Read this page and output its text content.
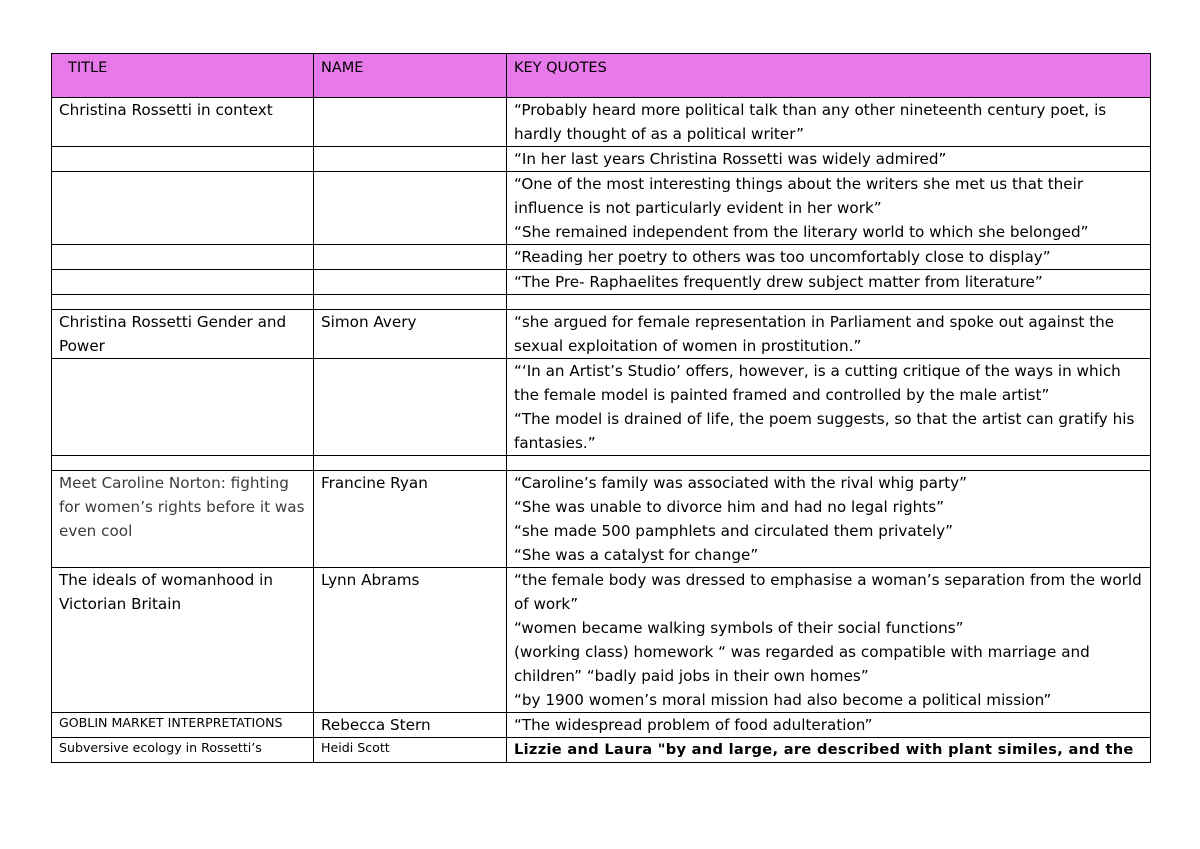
TITLE	NAME	KEY QUOTES
Christina Rossetti in context		“Probably heard more political talk than any other nineteenth century poet, is hardly thought of as a political writer”

		“In her last years Christina Rossetti was widely admired”

		“One of the most interesting things about the writers she met us that their influence is not particularly evident in her work”
“She remained independent from the literary world to which she belonged”

		“Reading her poetry to others was too uncomfortably close to display”

		“The Pre- Raphaelites frequently drew subject matter from literature”

Christina Rossetti Gender and Power	Simon Avery	“she argued for female representation in Parliament and spoke out against the sexual exploitation of women in prostitution.”

		“‘In an Artist’s Studio’ offers, however, is a cutting critique of the ways in which the female model is painted framed and controlled by the male artist”
“The model is drained of life, the poem suggests, so that the artist can gratify his fantasies.”

Meet Caroline Norton: fighting for women’s rights before it was even cool	Francine Ryan	“Caroline’s family was associated with the rival whig party”
“She was unable to divorce him and had no legal rights”
“she made 500 pamphlets and circulated them privately”
“She was a catalyst for change”

The ideals of womanhood in Victorian Britain	Lynn Abrams	“the female body was dressed to emphasise a woman’s separation from the world of work”
“women became walking symbols of their social functions”
(working class) homework “ was regarded as compatible with marriage and children” “badly paid jobs in their own homes”
“by 1900 women’s moral mission had also become a political mission”

GOBLIN MARKET INTERPRETATIONS	Rebecca Stern	“The widespread problem of food adulteration”

Subversive ecology in Rossetti’s	Heidi Scott	Lizzie and Laura "by and large, are described with plant similes, and the
